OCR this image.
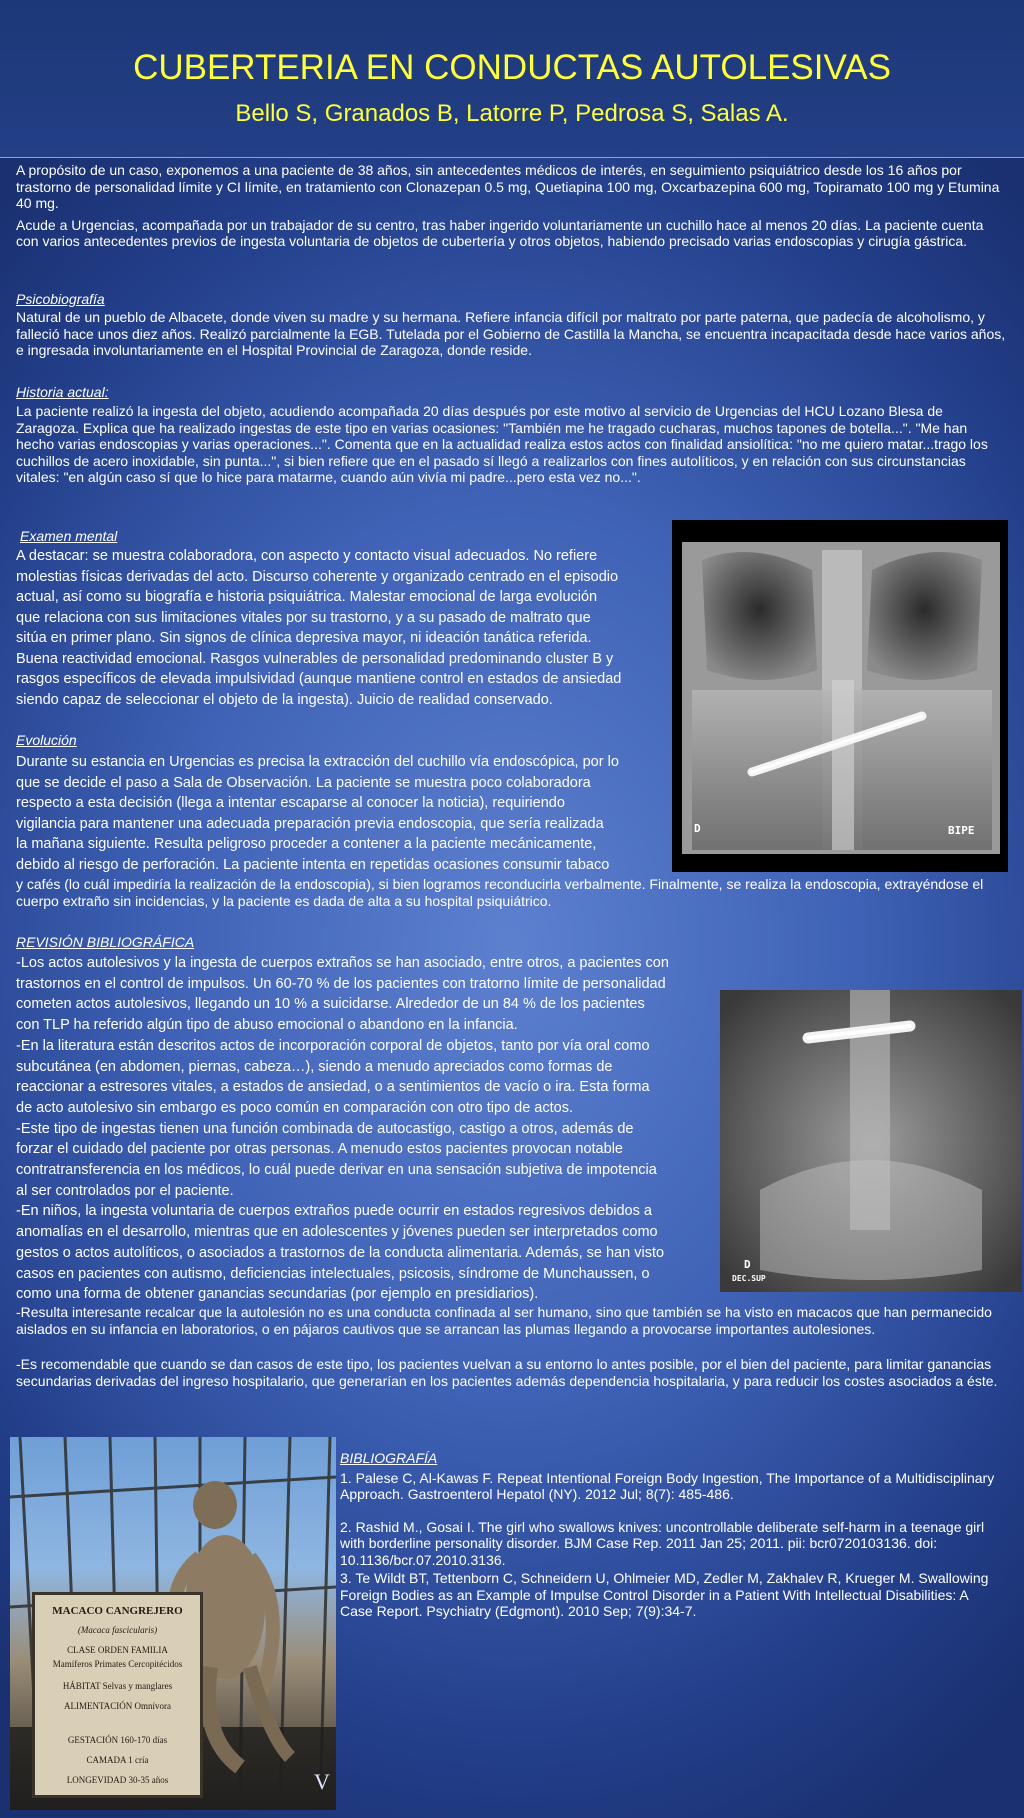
CUBERTERIA EN CONDUCTAS AUTOLESIVAS
Bello S, Granados B, Latorre P, Pedrosa S, Salas A.

A propósito de un caso, exponemos a una paciente de 38 años, sin antecedentes médicos de interés, en seguimiento psiquiátrico desde los 16 años por trastorno de personalidad límite y CI límite, en tratamiento con Clonazepan 0.5 mg, Quetiapina 100 mg, Oxcarbazepina 600 mg, Topiramato 100 mg y Etumina 40 mg.

Acude a Urgencias, acompañada por un trabajador de su centro, tras haber ingerido voluntariamente un cuchillo hace al menos 20 días. La paciente cuenta con varios antecedentes previos de ingesta voluntaria de objetos de cubertería y otros objetos, habiendo precisado varias endoscopias y cirugía gástrica.

Psicobiografía
Natural de un pueblo de Albacete, donde viven su madre y su hermana. Refiere infancia difícil por maltrato por parte paterna, que padecía de alcoholismo, y falleció hace unos diez años. Realizó parcialmente la EGB. Tutelada por el Gobierno de Castilla la Mancha, se encuentra incapacitada desde hace varios años, e ingresada involuntariamente en el Hospital Provincial de Zaragoza, donde reside.
Historia actual:
La paciente realizó la ingesta del objeto, acudiendo acompañada 20 días después por este motivo al servicio de Urgencias del HCU Lozano Blesa de Zaragoza. Explica que ha realizado ingestas de este tipo en varias ocasiones: "También me he tragado cucharas, muchos tapones de botella...". "Me han hecho varias endoscopias y varias operaciones...". Comenta que en la actualidad realiza estos actos con finalidad ansiolítica: "no me quiero matar...trago los cuchillos de acero inoxidable, sin punta...", si bien refiere que en el pasado sí llegó a realizarlos con fines autolíticos, y en relación con sus circunstancias vitales: "en algún caso sí que lo hice para matarme, cuando aún vivía mi padre...pero esta vez no...".
Examen mental
A destacar: se muestra colaboradora, con aspecto y contacto visual adecuados. No refiere
molestias físicas derivadas del acto. Discurso coherente y organizado centrado en el episodio
actual, así como su biografía e historia psiquiátrica. Malestar emocional de larga evolución
que relaciona con sus limitaciones vitales por su trastorno, y a su pasado de maltrato que
sitúa en primer plano. Sin signos de clínica depresiva mayor, ni ideación tanática referida.
Buena reactividad emocional. Rasgos vulnerables de personalidad predominando cluster B y
rasgos específicos de elevada impulsividad (aunque mantiene control en estados de ansiedad
siendo capaz de seleccionar el objeto de la ingesta). Juicio de realidad conservado.
Evolución
Durante su estancia en Urgencias es precisa la extracción del cuchillo vía endoscópica, por lo
que se decide el paso a Sala de Observación. La paciente se muestra poco colaboradora
respecto a esta decisión (llega a intentar escaparse al conocer la noticia), requiriendo
vigilancia para mantener una adecuada preparación previa endoscopia, que sería realizada
la mañana siguiente. Resulta peligroso proceder a contener a la paciente mecánicamente,
debido al riesgo de perforación. La paciente intenta en repetidas ocasiones consumir tabaco
y cafés (lo cuál impediría la realización de la endoscopia), si bien logramos reconducirla verbalmente. Finalmente, se realiza la endoscopia, extrayéndose el cuerpo extraño sin incidencias, y la paciente es dada de alta a su hospital psiquiátrico.
REVISIÓN BIBLIOGRÁFICA
-Los actos autolesivos y la ingesta de cuerpos extraños se han asociado, entre otros, a pacientes con
trastornos en el control de impulsos. Un 60-70 % de los pacientes con tratorno límite de personalidad
cometen actos autolesivos, llegando un 10 % a suicidarse. Alrededor de un 84 % de los pacientes
con TLP ha referido algún tipo de abuso emocional o abandono en la infancia.
-En la literatura están descritos actos de incorporación corporal de objetos, tanto por vía oral como
subcutánea (en abdomen, piernas, cabeza…), siendo a menudo apreciados como formas de
reaccionar a estresores vitales, a estados de ansiedad, o a sentimientos de vacío o ira. Esta forma
de acto autolesivo sin embargo es poco común en comparación con otro tipo de actos.
-Este tipo de ingestas tienen una función combinada de autocastigo, castigo a otros, además de
forzar el cuidado del paciente por otras personas. A menudo estos pacientes provocan notable
contratransferencia en los médicos, lo cuál puede derivar en una sensación subjetiva de impotencia
al ser controlados por el paciente.
-En niños, la ingesta voluntaria de cuerpos extraños puede ocurrir en estados regresivos debidos a
anomalías en el desarrollo, mientras que en adolescentes y jóvenes pueden ser interpretados como
gestos o actos autolíticos, o asociados a trastornos de la conducta alimentaria. Además, se han visto
casos en pacientes con autismo, deficiencias intelectuales, psicosis, síndrome de Munchaussen, o
como una forma de obtener ganancias secundarias (por ejemplo en presidiarios).
-Resulta interesante recalcar que la autolesión no es una conducta confinada al ser humano, sino que también se ha visto en macacos que han permanecido aislados en su infancia en laboratorios, o en pájaros cautivos que se arrancan las plumas llegando a provocarse importantes autolesiones.
-Es recomendable que cuando se dan casos de este tipo, los pacientes vuelvan a su entorno lo antes posible, por el bien del paciente, para limitar ganancias secundarias derivadas del ingreso hospitalario, que generarían en los pacientes además dependencia hospitalaria, y para reducir los costes asociados a éste.
D	BIPE
D
DEC.SUP
MACACO CANGREJERO
(Macaca fascicularis)
CLASE ORDEN FAMILIA
Mamíferos Primates Cercopitécidos
HÁBITAT Selvas y manglares
ALIMENTACIÓN Omnívora
GESTACIÓN 160-170 días
CAMADA 1 cría
LONGEVIDAD 30-35 años	V

BIBLIOGRAFÍA

1. Palese C, Al-Kawas F. Repeat Intentional Foreign Body Ingestion, The Importance of a Multidisciplinary Approach. Gastroenterol Hepatol (NY). 2012 Jul; 8(7): 485-486.

2. Rashid M., Gosai I. The girl who swallows knives: uncontrollable deliberate self-harm in a teenage girl with borderline personality disorder. BJM Case Rep. 2011 Jan 25; 2011. pii: bcr0720103136. doi: 10.1136/bcr.07.2010.3136.

3. Te Wildt BT, Tettenborn C, Schneidern U, Ohlmeier MD, Zedler M, Zakhalev R, Krueger M. Swallowing Foreign Bodies as an Example of Impulse Control Disorder in a Patient With Intellectual Disabilities: A Case Report. Psychiatry (Edgmont). 2010 Sep; 7(9):34-7.
